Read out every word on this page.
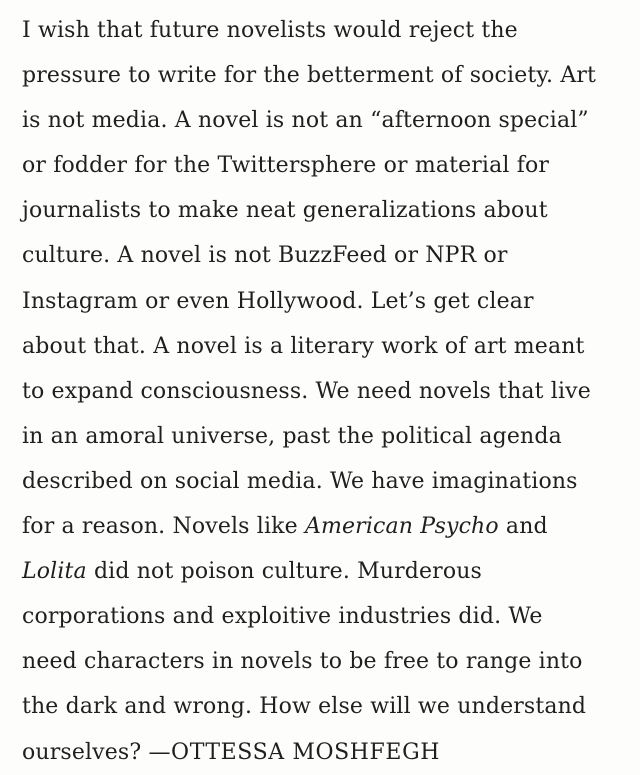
I wish that future novelists would reject the
pressure to write for the betterment of society. Art
is not media. A novel is not an “afternoon special”
or fodder for the Twittersphere or material for
journalists to make neat generalizations about
culture. A novel is not BuzzFeed or NPR or
Instagram or even Hollywood. Let’s get clear
about that. A novel is a literary work of art meant
to expand consciousness. We need novels that live
in an amoral universe, past the political agenda
described on social media. We have imaginations
for a reason. Novels like American Psycho and
Lolita did not poison culture. Murderous
corporations and exploitive industries did. We
need characters in novels to be free to range into
the dark and wrong. How else will we understand
ourselves? —OTTESSA MOSHFEGH
